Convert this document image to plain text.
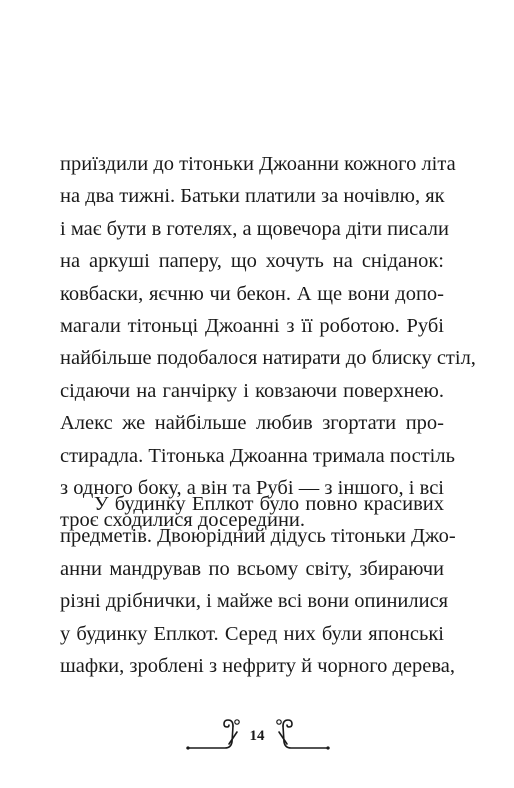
приїздили до тітоньки Джоанни кожного літа
на два тижні. Батьки платили за ночівлю, як
і має бути в готелях, а щовечора діти писали
на аркуші паперу, що хочуть на сніданок:
ковбаски, яєчню чи бекон. А ще вони допо-
магали тітоньці Джоанні з її роботою. Рубі
найбільше подобалося натирати до блиску стіл,
сідаючи на ганчірку і ковзаючи поверхнею.
Алекс же найбільше любив згортати про-
стирадла. Тітонька Джоанна тримала постіль
з одного боку, а він та Рубі — з іншого, і всі
троє сходилися досередини.
У будинку Еплкот було повно красивих
предметів. Двоюрідний дідусь тітоньки Джо-
анни мандрував по всьому світу, збираючи
різні дрібнички, і майже всі вони опинилися
у будинку Еплкот. Серед них були японські
шафки, зроблені з нефриту й чорного дерева,
14
